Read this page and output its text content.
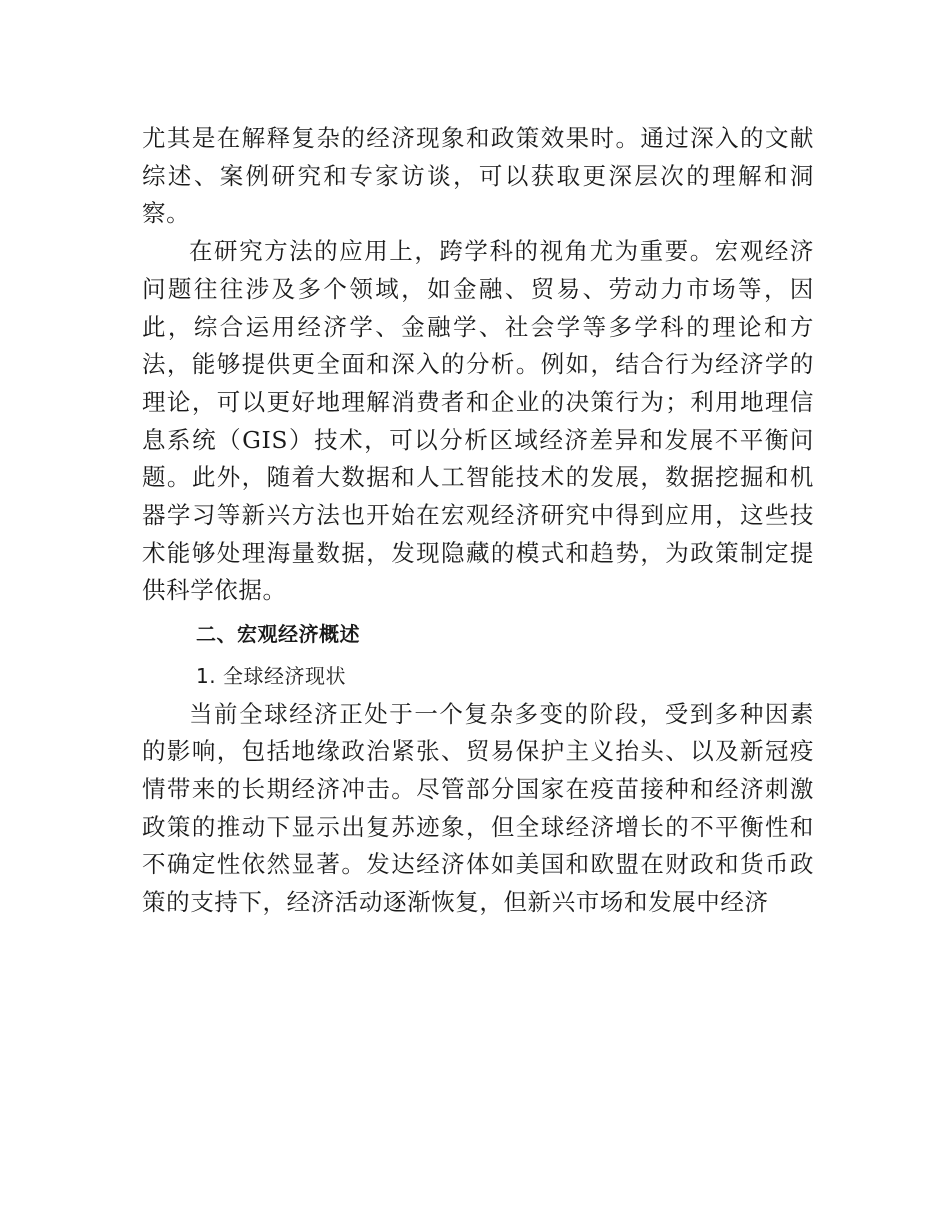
尤其是在解释复杂的经济现象和政策效果时。通过深入的文献综述、案例研究和专家访谈，可以获取更深层次的理解和洞察。

在研究方法的应用上，跨学科的视角尤为重要。宏观经济问题往往涉及多个领域，如金融、贸易、劳动力市场等，因此，综合运用经济学、金融学、社会学等多学科的理论和方法，能够提供更全面和深入的分析。例如，结合行为经济学的理论，可以更好地理解消费者和企业的决策行为；利用地理信息系统（GIS）技术，可以分析区域经济差异和发展不平衡问题。此外，随着大数据和人工智能技术的发展，数据挖掘和机器学习等新兴方法也开始在宏观经济研究中得到应用，这些技术能够处理海量数据，发现隐藏的模式和趋势，为政策制定提供科学依据。

二、宏观经济概述
1. 全球经济现状

当前全球经济正处于一个复杂多变的阶段，受到多种因素的影响，包括地缘政治紧张、贸易保护主义抬头、以及新冠疫情带来的长期经济冲击。尽管部分国家在疫苗接种和经济刺激政策的推动下显示出复苏迹象，但全球经济增长的不平衡性和不确定性依然显著。发达经济体如美国和欧盟在财政和货币政策的支持下，经济活动逐渐恢复，但新兴市场和发展中经济
